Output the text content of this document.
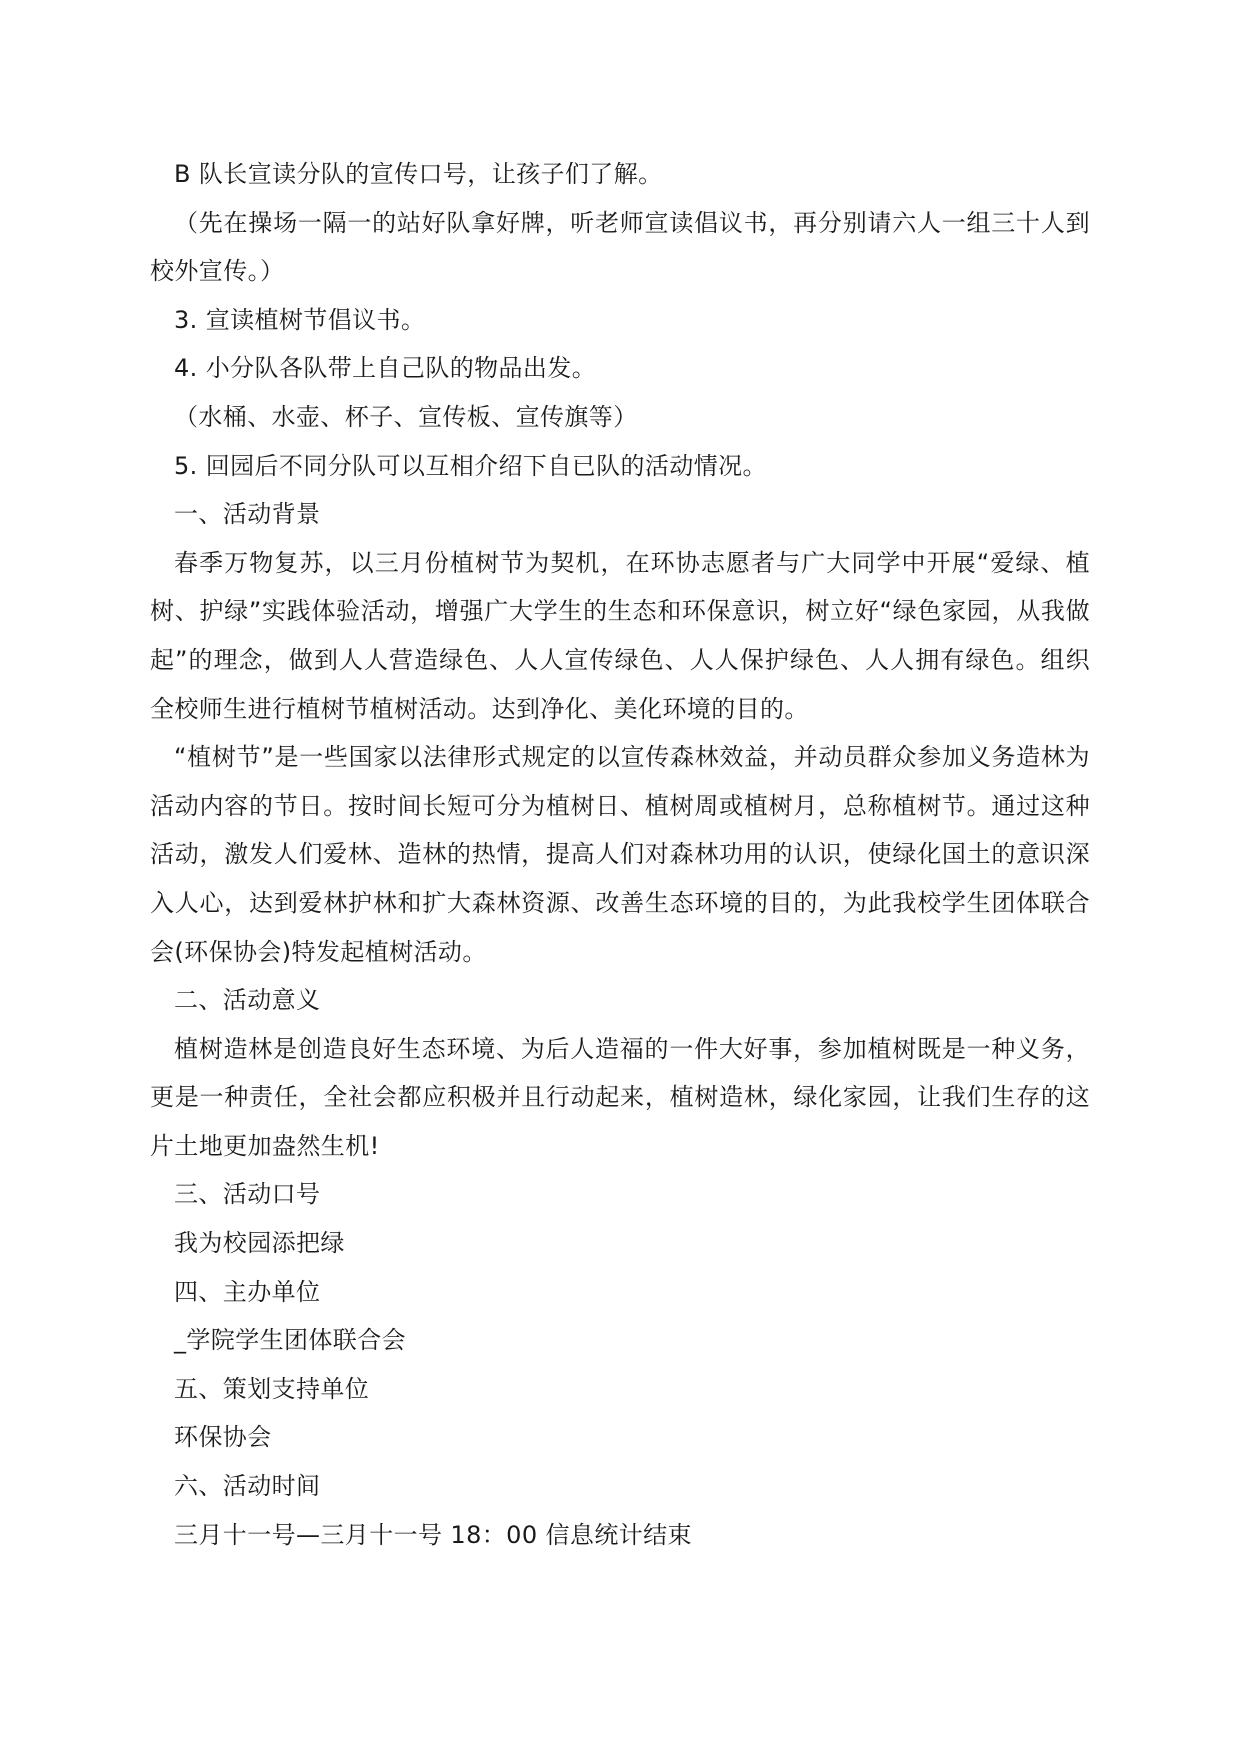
B 队长宣读分队的宣传口号，让孩子们了解。

（先在操场一隔一的站好队拿好牌，听老师宣读倡议书，再分别请六人一组三十人到校外宣传。）

3. 宣读植树节倡议书。

4. 小分队各队带上自己队的物品出发。

（水桶、水壶、杯子、宣传板、宣传旗等）

5. 回园后不同分队可以互相介绍下自已队的活动情况。

一、活动背景

春季万物复苏，以三月份植树节为契机，在环协志愿者与广大同学中开展“爱绿、植树、护绿”实践体验活动，增强广大学生的生态和环保意识，树立好“绿色家园，从我做起”的理念，做到人人营造绿色、人人宣传绿色、人人保护绿色、人人拥有绿色。组织全校师生进行植树节植树活动。达到净化、美化环境的目的。

“植树节”是一些国家以法律形式规定的以宣传森林效益，并动员群众参加义务造林为活动内容的节日。按时间长短可分为植树日、植树周或植树月，总称植树节。通过这种活动，激发人们爱林、造林的热情，提高人们对森林功用的认识，使绿化国土的意识深入人心，达到爱林护林和扩大森林资源、改善生态环境的目的，为此我校学生团体联合会(环保协会)特发起植树活动。

二、活动意义

植树造林是创造良好生态环境、为后人造福的一件大好事，参加植树既是一种义务，更是一种责任，全社会都应积极并且行动起来，植树造林，绿化家园，让我们生存的这片土地更加盎然生机!

三、活动口号

我为校园添把绿

四、主办单位

_学院学生团体联合会

五、策划支持单位

环保协会

六、活动时间

三月十一号—三月十一号 18：00 信息统计结束
